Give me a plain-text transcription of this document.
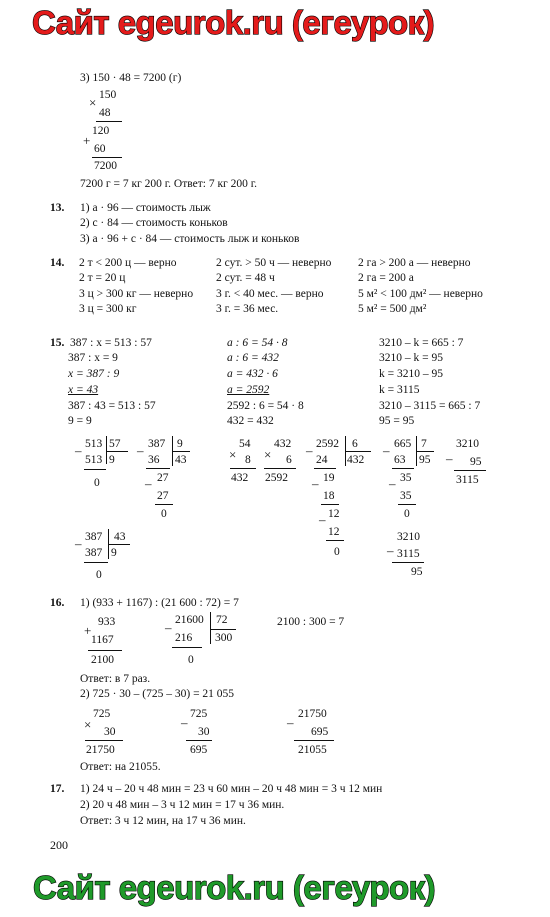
Сайт egeurok.ru (егеурок)
3) 150 · 48 = 7200 (г)
× 150
48
120
+
60
7200
7200 г = 7 кг 200 г. Ответ: 7 кг 200 г.
13. 1) a · 96 — стоимость лыж
2) c · 84 — стоимость коньков
3) a · 96 + c · 84 — стоимость лыж и коньков
14. 2 т < 200 ц — верно
2 т = 20 ц
3 ц > 300 кг — неверно
3 ц = 300 кг
2 сут. > 50 ч — неверно
2 сут. = 48 ч
3 г. < 40 мес. — верно
3 г. = 36 мес.
2 га > 200 а — неверно
2 га = 200 а
5 м² < 100 дм² — неверно
5 м² = 500 дм²
15. 387 : x = 513 : 57
387 : x = 9
x = 387 : 9
x = 43
387 : 43 = 513 : 57
9 = 9
a : 6 = 54 · 8
a : 6 = 432
a = 432 · 6
a = 2592
2592 : 6 = 54 · 8
432 = 432
3210 – k = 665 : 7
3210 – k = 95
k = 3210 – 95
k = 3115
3210 – 3115 = 665 : 7
95 = 95
– 513 57
513 9
0
– 387 9
36 43
– 27
27
0
×
54
8
432
×
432
6
2592
– 2592 6
24 432
– 19
18
– 12
12
0
– 665 7
63 95
– 35
35
0
–
3210
95
3115
– 387 43
387 9
0
–
3210
3115
95
16. 1) (933 + 1167) : (21 600 : 72) = 7
+
933
1167
2100
– 21600 72
216 300
0
2100 : 300 = 7
Ответ: в 7 раз.
2) 725 · 30 – (725 – 30) = 21 055
×
725
30
21750
–
725
30
695
–
21750
695
21055
Ответ: на 21055.
17. 1) 24 ч – 20 ч 48 мин = 23 ч 60 мин – 20 ч 48 мин = 3 ч 12 мин
2) 20 ч 48 мин – 3 ч 12 мин = 17 ч 36 мин.
Ответ: 3 ч 12 мин, на 17 ч 36 мин.
200
Сайт egeurok.ru (егеурок)
